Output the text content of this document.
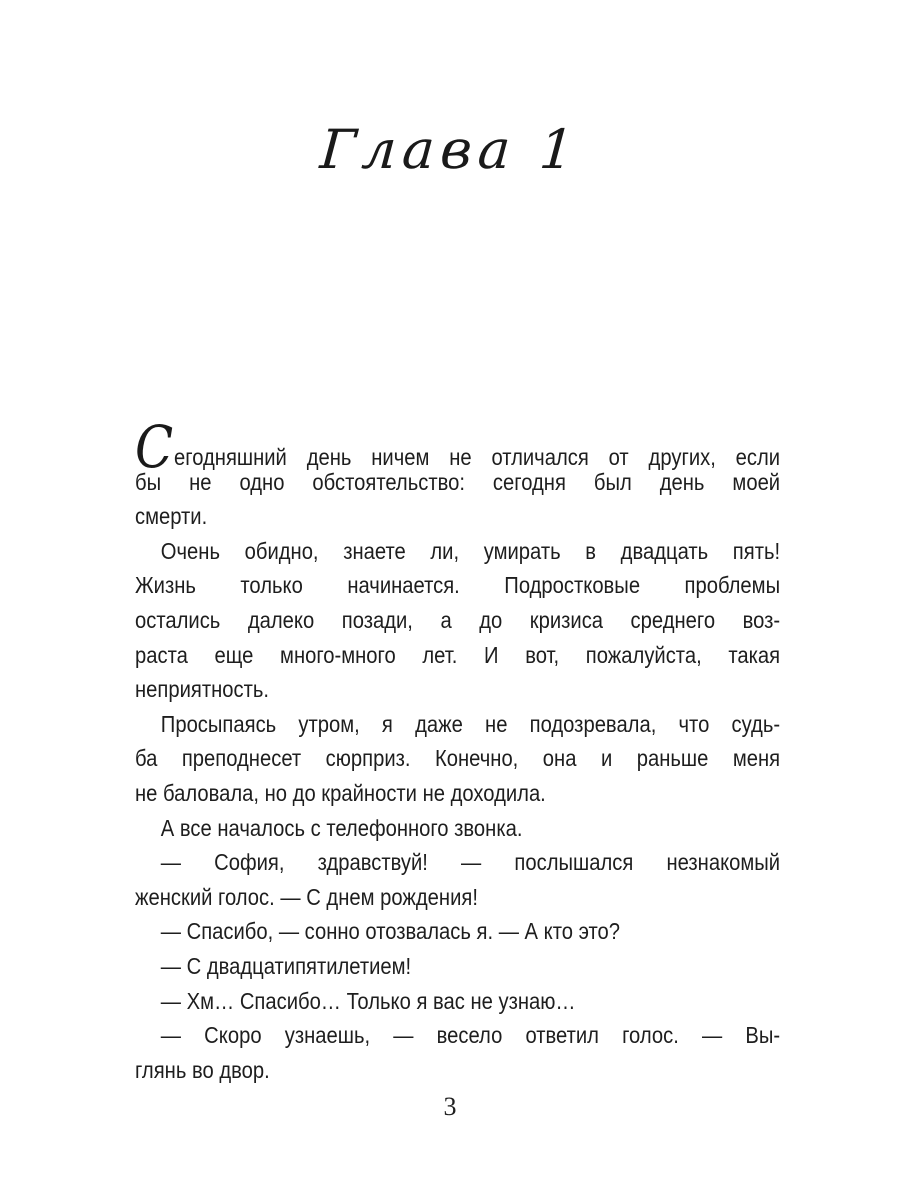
Глава 1
Сегодняшний день ничем не отличался от других, если
бы не одно обстоятельство: сегодня был день моей
смерти.
Очень обидно, знаете ли, умирать в двадцать пять!
Жизнь только начинается. Подростковые проблемы
остались далеко позади, а до кризиса среднего воз-
раста еще много-много лет. И вот, пожалуйста, такая
неприятность.
Просыпаясь утром, я даже не подозревала, что судь-
ба преподнесет сюрприз. Конечно, она и раньше меня
не баловала, но до крайности не доходила.
А все началось с телефонного звонка.
— София, здравствуй! — послышался незнакомый
женский голос. — С днем рождения!
— Спасибо, — сонно отозвалась я. — А кто это?
— С двадцатипятилетием!
— Хм… Спасибо… Только я вас не узнаю…
— Скоро узнаешь, — весело ответил голос. — Вы-
глянь во двор.
3
